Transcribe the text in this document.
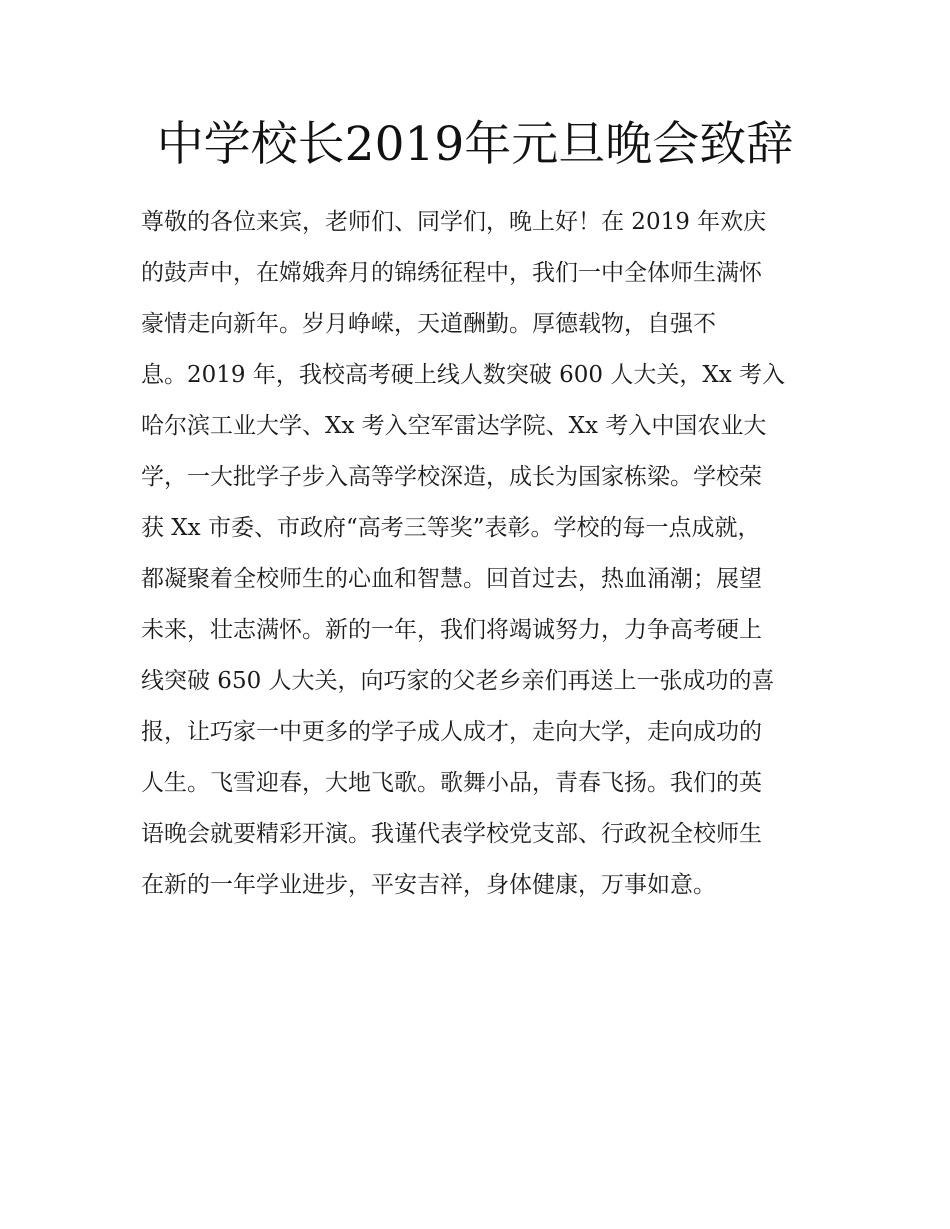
中学校长2019年元旦晚会致辞
尊敬的各位来宾，老师们、同学们，晚上好！在 2019 年欢庆
的鼓声中，在嫦娥奔月的锦绣征程中，我们一中全体师生满怀
豪情走向新年。岁月峥嵘，天道酬勤。厚德载物，自强不
息。2019 年，我校高考硬上线人数突破 600 人大关，Xx 考入
哈尔滨工业大学、Xx 考入空军雷达学院、Xx 考入中国农业大
学，一大批学子步入高等学校深造，成长为国家栋梁。学校荣
获 Xx 市委、市政府“高考三等奖”表彰。学校的每一点成就，
都凝聚着全校师生的心血和智慧。回首过去，热血涌潮；展望
未来，壮志满怀。新的一年，我们将竭诚努力，力争高考硬上
线突破 650 人大关，向巧家的父老乡亲们再送上一张成功的喜
报，让巧家一中更多的学子成人成才，走向大学，走向成功的
人生。飞雪迎春，大地飞歌。歌舞小品，青春飞扬。我们的英
语晚会就要精彩开演。我谨代表学校党支部、行政祝全校师生
在新的一年学业进步，平安吉祥，身体健康，万事如意。
